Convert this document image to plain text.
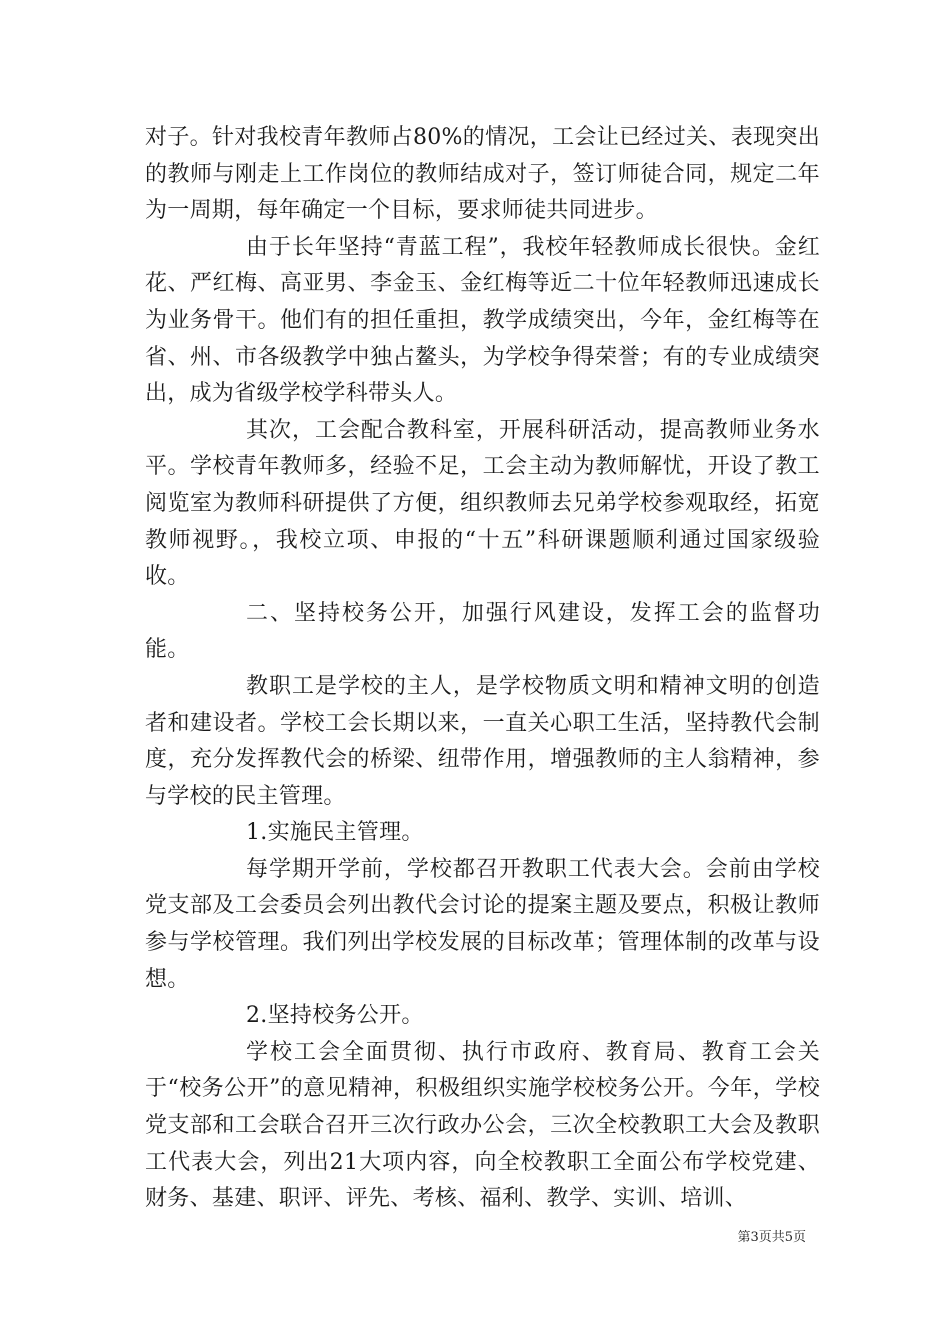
对子。针对我校青年教师占80%的情况，工会让已经过关、表现突出的教师与刚走上工作岗位的教师结成对子，签订师徒合同，规定二年为一周期，每年确定一个目标，要求师徒共同进步。

由于长年坚持“青蓝工程”，我校年轻教师成长很快。金红花、严红梅、高亚男、李金玉、金红梅等近二十位年轻教师迅速成长为业务骨干。他们有的担任重担，教学成绩突出，今年，金红梅等在省、州、市各级教学中独占鳌头，为学校争得荣誉；有的专业成绩突出，成为省级学校学科带头人。

其次，工会配合教科室，开展科研活动，提高教师业务水平。学校青年教师多，经验不足，工会主动为教师解忧，开设了教工阅览室为教师科研提供了方便，组织教师去兄弟学校参观取经，拓宽教师视野。，我校立项、申报的“十五”科研课题顺利通过国家级验收。

二、坚持校务公开，加强行风建设，发挥工会的监督功能。

教职工是学校的主人，是学校物质文明和精神文明的创造者和建设者。学校工会长期以来，一直关心职工生活，坚持教代会制度，充分发挥教代会的桥梁、纽带作用，增强教师的主人翁精神，参与学校的民主管理。

1.实施民主管理。

每学期开学前，学校都召开教职工代表大会。会前由学校党支部及工会委员会列出教代会讨论的提案主题及要点，积极让教师参与学校管理。我们列出学校发展的目标改革；管理体制的改革与设想。

2.坚持校务公开。

学校工会全面贯彻、执行市政府、教育局、教育工会关于“校务公开”的意见精神，积极组织实施学校校务公开。今年，学校党支部和工会联合召开三次行政办公会，三次全校教职工大会及教职工代表大会，列出21大项内容，向全校教职工全面公布学校党建、财务、基建、职评、评先、考核、福利、教学、实训、培训、

第3页共5页
